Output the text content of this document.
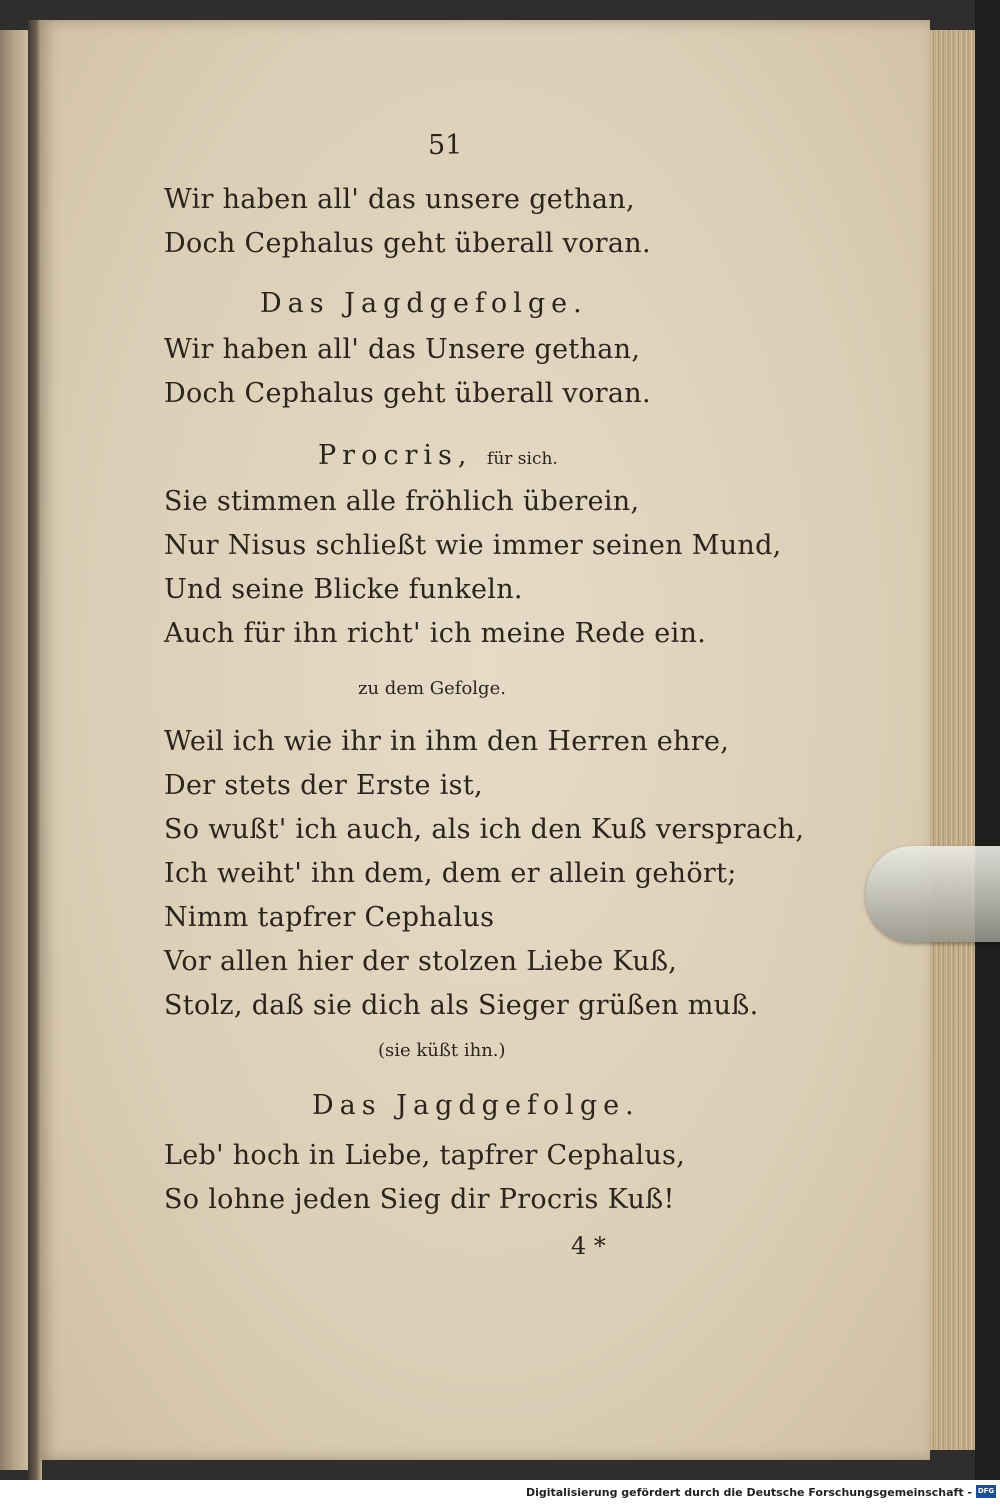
51
Wir haben all' das unsere gethan,
Doch Cephalus geht überall voran.
Das Jagdgefolge.
Wir haben all' das Unsere gethan,
Doch Cephalus geht überall voran.
Procris, für sich.
Sie stimmen alle fröhlich überein,
Nur Nisus schließt wie immer seinen Mund,
Und seine Blicke funkeln.
Auch für ihn richt' ich meine Rede ein.
zu dem Gefolge.
Weil ich wie ihr in ihm den Herren ehre,
Der stets der Erste ist,
So wußt' ich auch, als ich den Kuß versprach,
Ich weiht' ihn dem, dem er allein gehört;
Nimm tapfrer Cephalus
Vor allen hier der stolzen Liebe Kuß,
Stolz, daß sie dich als Sieger grüßen muß.
(sie küßt ihn.)
Das Jagdgefolge.
Leb' hoch in Liebe, tapfrer Cephalus,
So lohne jeden Sieg dir Procris Kuß!
4 *
Digitalisierung gefördert durch die Deutsche Forschungsgemeinschaft - DFG
